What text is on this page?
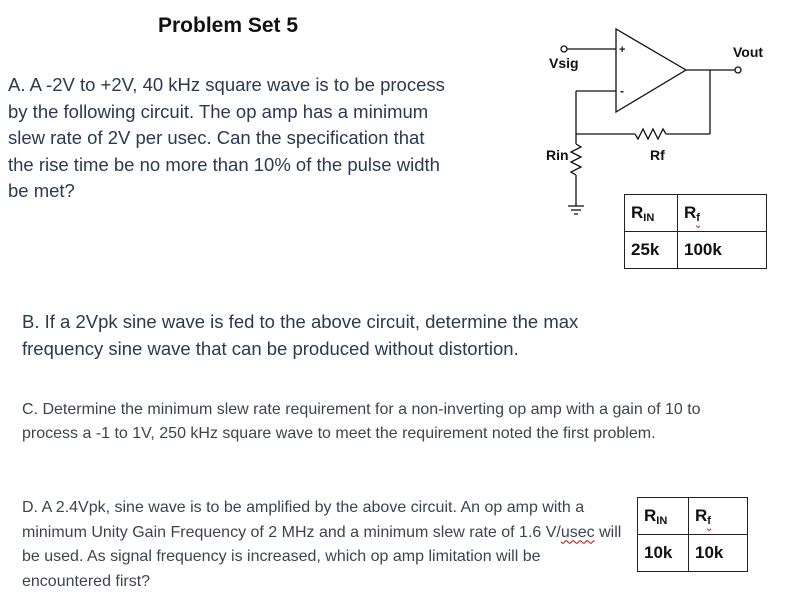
Problem Set 5
A. A -2V to +2V, 40 kHz square wave is to be process by the following circuit. The op amp has a minimum slew rate of 2V per usec. Can the specification that the rise time be no more than 10% of the pulse width be met?
+
-
Vsig
Vout
Rin	Rf
$R_{IN}$	$R_f$
25k	100k
B. If a 2Vpk sine wave is fed to the above circuit, determine the max frequency sine wave that can be produced without distortion.
C. Determine the minimum slew rate requirement for a non-inverting op amp with a gain of 10 to process a -1 to 1V, 250 kHz square wave to meet the requirement noted the first problem.
D. A 2.4Vpk, sine wave is to be amplified by the above circuit. An op amp with a minimum Unity Gain Frequency of 2 MHz and a minimum slew rate of 1.6 V/usec will be used. As signal frequency is increased, which op amp limitation will be encountered first?
$R_{IN}$	$R_f$
10k	10k
